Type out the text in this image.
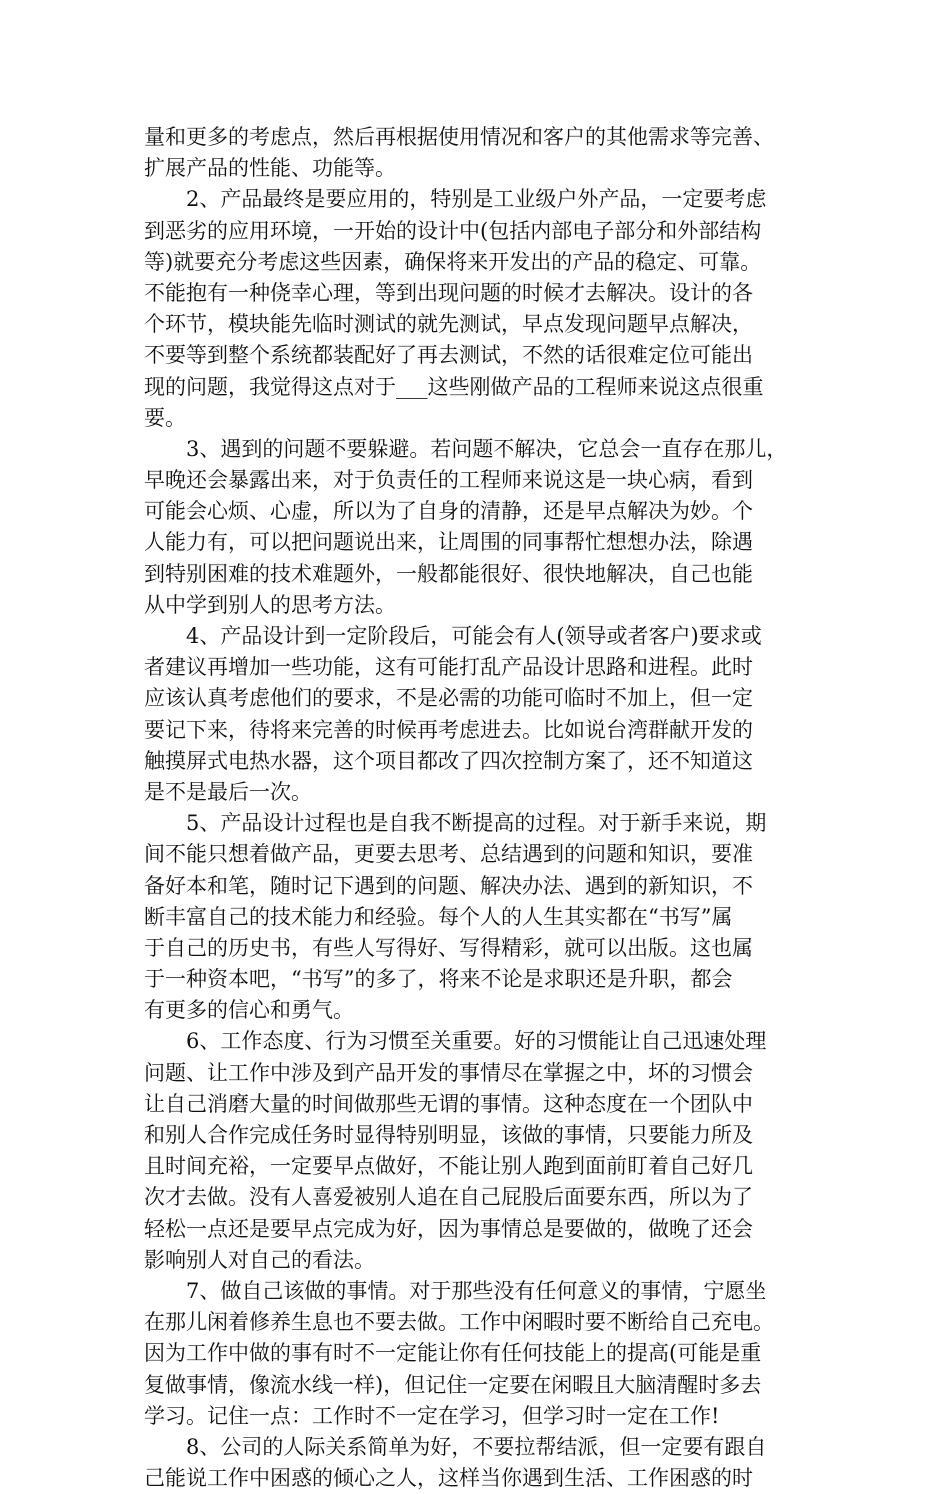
量和更多的考虑点，然后再根据使用情况和客户的其他需求等完善、
扩展产品的性能、功能等。
2、产品最终是要应用的，特别是工业级户外产品，一定要考虑
到恶劣的应用环境，一开始的设计中(包括内部电子部分和外部结构
等)就要充分考虑这些因素，确保将来开发出的产品的稳定、可靠。
不能抱有一种侥幸心理，等到出现问题的时候才去解决。设计的各
个环节，模块能先临时测试的就先测试，早点发现问题早点解决，
不要等到整个系统都装配好了再去测试，不然的话很难定位可能出
现的问题，我觉得这点对于___这些刚做产品的工程师来说这点很重
要。
3、遇到的问题不要躲避。若问题不解决，它总会一直存在那儿，
早晚还会暴露出来，对于负责任的工程师来说这是一块心病，看到
可能会心烦、心虚，所以为了自身的清静，还是早点解决为妙。个
人能力有，可以把问题说出来，让周围的同事帮忙想想办法，除遇
到特别困难的技术难题外，一般都能很好、很快地解决，自己也能
从中学到别人的思考方法。
4、产品设计到一定阶段后，可能会有人(领导或者客户)要求或
者建议再增加一些功能，这有可能打乱产品设计思路和进程。此时
应该认真考虑他们的要求，不是必需的功能可临时不加上，但一定
要记下来，待将来完善的时候再考虑进去。比如说台湾群献开发的
触摸屏式电热水器，这个项目都改了四次控制方案了，还不知道这
是不是最后一次。
5、产品设计过程也是自我不断提高的过程。对于新手来说，期
间不能只想着做产品，更要去思考、总结遇到的问题和知识，要准
备好本和笔，随时记下遇到的问题、解决办法、遇到的新知识，不
断丰富自己的技术能力和经验。每个人的人生其实都在“书写”属
于自己的历史书，有些人写得好、写得精彩，就可以出版。这也属
于一种资本吧，“书写”的多了，将来不论是求职还是升职，都会
有更多的信心和勇气。
6、工作态度、行为习惯至关重要。好的习惯能让自己迅速处理
问题、让工作中涉及到产品开发的事情尽在掌握之中，坏的习惯会
让自己消磨大量的时间做那些无谓的事情。这种态度在一个团队中
和别人合作完成任务时显得特别明显，该做的事情，只要能力所及
且时间充裕，一定要早点做好，不能让别人跑到面前盯着自己好几
次才去做。没有人喜爱被别人追在自己屁股后面要东西，所以为了
轻松一点还是要早点完成为好，因为事情总是要做的，做晚了还会
影响别人对自己的看法。
7、做自己该做的事情。对于那些没有任何意义的事情，宁愿坐
在那儿闲着修养生息也不要去做。工作中闲暇时要不断给自己充电。
因为工作中做的事有时不一定能让你有任何技能上的提高(可能是重
复做事情，像流水线一样)，但记住一定要在闲暇且大脑清醒时多去
学习。记住一点：工作时不一定在学习，但学习时一定在工作!
8、公司的人际关系简单为好，不要拉帮结派，但一定要有跟自
己能说工作中困惑的倾心之人，这样当你遇到生活、工作困惑的时
